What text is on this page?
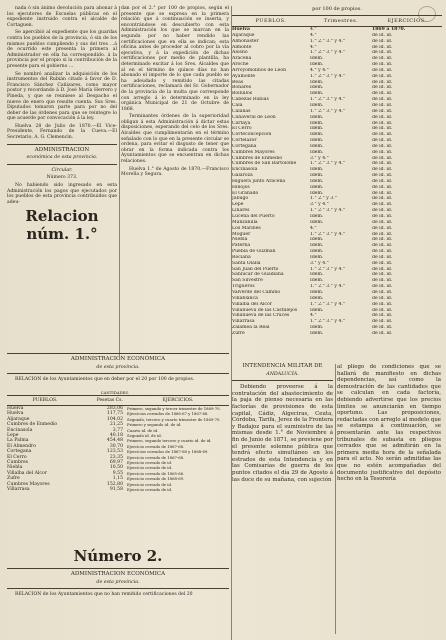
nada ó sin ánimo devolución para abonar á los ejecutores de Escuelas públicas en el expediente instruido contra el alcalde de Cortaguen.

Se apercibió al expediente que los guardas contra los pueblos de la provincia, ó sin de los mismos pueblos cumpliendo y sus del tres ...á de ocurrido este presenta la primera al Administrador en ella ha correspondido. á la provincia por el propio si la contribución de la presente para el gobierno ...

Se nombró analizar la adquisición de los instrumentos del Rubián citado á favor de D. Francisco Sánchez Cañizares, como mayor postor y recordando á D. José María Herrero y Pineda, y que se reuniese al Despacho el nueve de enero que resulte cuenta. Sus Sres. Diputados tomaron parte para por no del deber de las órdenes para que se reintegre lo que acuerde por convocación á la ley.

Huelva 28 de Julio de 1870.—El Vice-Presidente, Fernando de la Cueva.—El Secretario, A. G. Clemencin.

ADMINISTRACION

económica de esta provincia.

Circular.

Número 373.

No habiendo sido ingresado en esta Administración los pagos que ejecutados por los pueblos de esta provincia contribuidos que adeu-

Relacion núm. 1.°

dan por el 2.° por 100 de propios, según el presente que se expresa en la primera relación que á continuación se inserta, y encontrándose en descubierto con esta Administración los que se marcan en la segunda por no haber rendido las certificaciones que en ella se indican; esta oficina antes de proceder al cobro por la vía ejecutiva, y á la expedición de dichas certificaciones por medio de plantilla, ha determinado excitar á los Sres. Alcaldes que al en el término de quince días no han abonado el importe de lo que cada pueblo se ha adeudado y remitido las citadas certificaciones, reclamará del Sr. Gobernador de la provincia de la multa que corresponde con arreglo á lo determinado en la ley orgánica Municipal de 21 de Octubre de 1868.

Terminantes órdenes de la superioridad obligan á esta Administración á dictar estas disposiciones, esperando del celo de los Sres. Alcaldes que cumplimentarán en el término señalado con lo que en la presente circular se ordena, para evitar el disgusto de tener que obrar en la forma indicada contra los Ayuntamientos que se encuentran en dichas relaciones.

Huelva 1.° de Agosto de 1870.—Francisco Morella y Segura.

por 100 de propios.
PUEBLOS.	Trimestres.	EJERCICIOS.
Huelva	4.°	1869 á 1870.
Aljaraque	4.°	de id. id.
Almonaster	1.° 2.° 3.° y 4.°	de id. id.
Almonte	4.°	de id. id.
Alosno	1.° 2.° 3.° y 4.°	de id. id.
Aracena	Idem.	de id. id.
Aroche	Idem.	de id. id.
Arroyomolinos de León	4.° y 4.°	de id. id.
Ayamonte	1.° 2.° 3.° y 4.°	de id. id.
Beas	Idem.	de id. id.
Bonares	Idem.	de id. id.
Bollullos	Idem.	de id. id.
Cabezas Rubias	1.° 2.° 3.° y 4.°	de id. id.
Cala	Idem.	de id. id.
Calañas	1.° 2.° 3.° y 4.°	de id. id.
Cañaveral de León	Idem.	de id. id.
Cartaya	Idem.	de id. id.
El Cerro	Idem.	de id. id.
Corteconcepcion	Idem.	de id. id.
Cortelazor	Idem.	de id. id.
Cortegana	Idem.	de id. id.
Cumbres Mayores	Idem.	de id. id.
Cumbres de Enmedio	3.° y 4.°	de id. id.
Cumbres de San Bartolomé	1.° 2.° 3.° y 4.°	de id. id.
Encinasola	Idem.	de id. id.
Galaroza	Idem.	de id. id.
Higuera junto Aracena	Idem.	de id. id.
Hinojos	Idem.	de id. id.
El Granado	Idem.	de id. id.
Jabugo	1.° 2.° y 3.°	de id. id.
Lepe	3.° y 4.°	de id. id.
Linares	1.° 2.° 3.° y 4.°	de id. id.
Lucena del Puerto	Idem.	de id. id.
Manzanilla	Idem.	de id. id.
Los Marines	4.°	de id. id.
Moguer	1.° 2.° 3.° y 4.°	de id. id.
Niebla	Idem.	de id. id.
Paterna	Idem.	de id. id.
Puebla de Guzmán	Idem.	de id. id.
Rociana	Idem.	de id. id.
Santa Olalla	3.° y 4.°	de id. id.
San Juan del Puerto	1.° 2.° 3.° y 4.°	de id. id.
Sanlúcar de Guadiana	Idem.	de id. id.
San Silvestre	Idem.	de id. id.
Trigueros	1.° 2.° 3.° y 4.°	de id. id.
Valverde del Camino	Idem.	de id. id.
Villablanca	Idem.	de id. id.
Villalba del Alcor	1.° 2.° 3.° y 4.°	de id. id.
Villanueva de las Castillejos	Idem.	de id. id.
Villanueva de las Cruces	4.°	de id. id.
Villarrasa	1.° 2.° 3.° y 4.°	de id. id.
Zalamea la Real	Idem.	de id. id.
Zufre	Idem.	de id. id.

ADMINISTRACION ECONÓMICA

de esta provincia.

RELACION de los Ayuntamientos que en deber por el 20 por 100 de propios.

CANTIDADES.
PUEBLOS.	Pesetas Cs.	EJERCICIOS.
Huelva	283,06	Primero, segundo y tercer trimestre de 1869-70.
Huelva	117,75	Ejercicios cerrados de 1866-67 y 1867-68.
Aljaraque	104,02	Segundo, tercero y cuarto trimestre de 1869-70.
Cumbres de Enmedio	21,25	Primero y segundo id. de id.
Encinasola	3,77	Cuarto id. de id.
Lepe	40,18	Segundo id. de id.
La Palma	454,48	Primero, segundo tercero y cuarto id. de id.
El Almendro	30,70	Ejercicio cerrado de 1867-68.
Cortegana	123,53	Ejercicios cerrados de 1867-68 y 1868-69.
El Cerro	23,35	Ejercicio cerrado de 1867-68.
Cumbres	69,97	Ejercicio cerrado de id.
Niebla	10,50	Ejercicio cerrado de id.
Villalba del Alcor	9,55	Ejercicio cerrado de 1865-66.
Zufre	1,15	Ejercicio cerrado de 1868-69.
Cumbres Mayores	152,80	Ejercicio cerrado de id.
Villarrasa	91,58	Ejercicio cerrado de id.
Número 2.

ADMINISTRACION ECONÓMICA

de esta provincia.

RELACION de los Ayuntamientos que no han remitido certificaciones del 20

INTENDENCIA MILITAR DE

ANDALUCÍA.

Debiendo proveerse á la contratación del abastecimiento de la paja de pienso necesaria en las factorías de provisiones de esta capital, Cádiz, Algeciras, Ceuta, Córdoba, Tarifa, Jerez de la Frontera y Badajoz para el suministro de las mismas desde 1.° de Noviembre á fin de Junio de 1871, se previene por el presente solemne pública que tendrá efecto simultáneo en los estrados de esta Intendencia y en las Comisarías de guerra de los puntos citados el día 29 de Agosto á las doce de su mañana, con sujeción

al pliego de condiciones que se hallará de manifiesto en dichas dependencias, así como la demostración de las cantidades que se calculan en cada factoría, debiendo advertirse que los precios límites se anunciarán en tiempo oportuno. Las proposiciones, redactadas con arreglo al modelo que se estampa á continuación, se presentarán ante las respectivos tribunales de subasta en pliegos cerrados que se admitirán en la primera media hora de la señalada para el acto. No serán admitidas las que no estén acompañadas del documento justificativo del depósito hecho en la Tesorería
